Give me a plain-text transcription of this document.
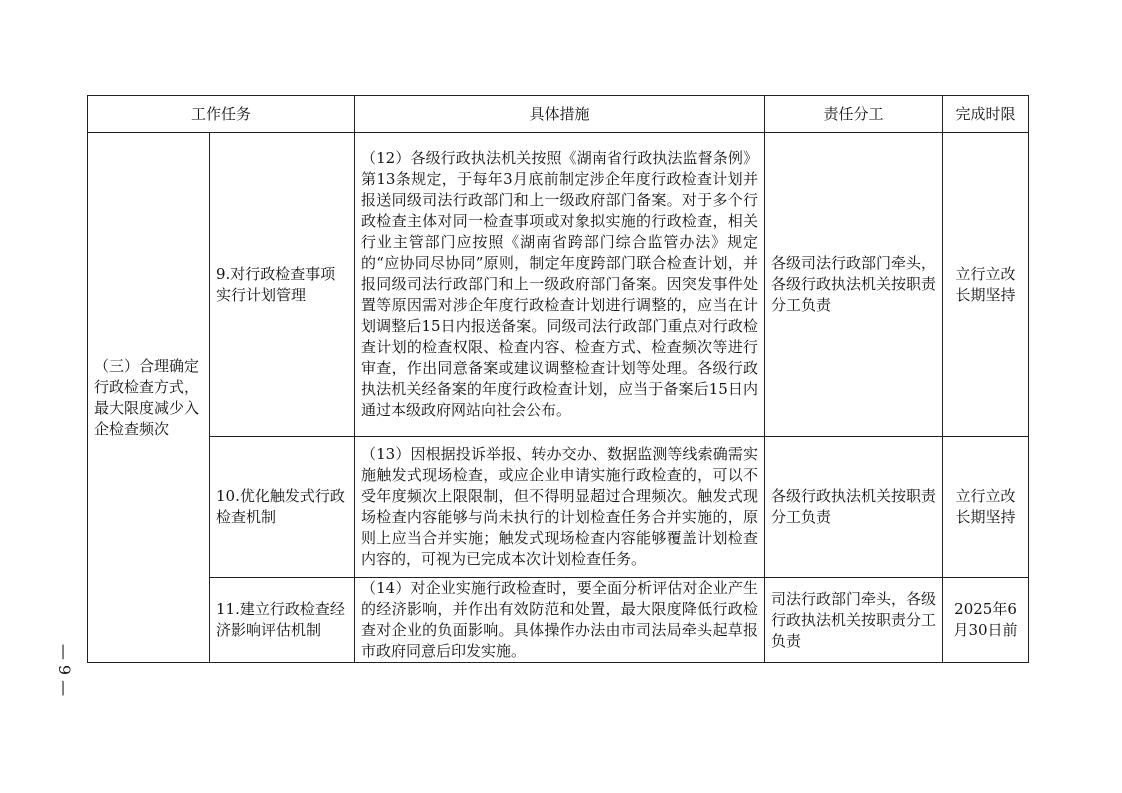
工作任务		具体措施	责任分工	完成时限
（三）合理确定行政检查方式，最大限度减少入企检查频次	9.对行政检查事项实行计划管理	（12）各级行政执法机关按照《湖南省行政执法监督条例》第13条规定，于每年3月底前制定涉企年度行政检查计划并报送同级司法行政部门和上一级政府部门备案。对于多个行政检查主体对同一检查事项或对象拟实施的行政检查，相关行业主管部门应按照《湖南省跨部门综合监管办法》规定的“应协同尽协同”原则，制定年度跨部门联合检查计划，并报同级司法行政部门和上一级政府部门备案。因突发事件处置等原因需对涉企年度行政检查计划进行调整的，应当在计划调整后15日内报送备案。同级司法行政部门重点对行政检查计划的检查权限、检查内容、检查方式、检查频次等进行审查，作出同意备案或建议调整检查计划等处理。各级行政执法机关经备案的年度行政检查计划，应当于备案后15日内通过本级政府网站向社会公布。	各级司法行政部门牵头，各级行政执法机关按职责分工负责	立行立改长期坚持
	10.优化触发式行政检查机制	（13）因根据投诉举报、转办交办、数据监测等线索确需实施触发式现场检查，或应企业申请实施行政检查的，可以不受年度频次上限限制，但不得明显超过合理频次。触发式现场检查内容能够与尚未执行的计划检查任务合并实施的，原则上应当合并实施；触发式现场检查内容能够覆盖计划检查内容的，可视为已完成本次计划检查任务。	各级行政执法机关按职责分工负责	立行立改长期坚持
	11.建立行政检查经济影响评估机制	（14）对企业实施行政检查时，要全面分析评估对企业产生的经济影响，并作出有效防范和处置，最大限度降低行政检查对企业的负面影响。具体操作办法由市司法局牵头起草报市政府同意后印发实施。	司法行政部门牵头，各级行政执法机关按职责分工负责	2025年6月30日前
— 9 —
